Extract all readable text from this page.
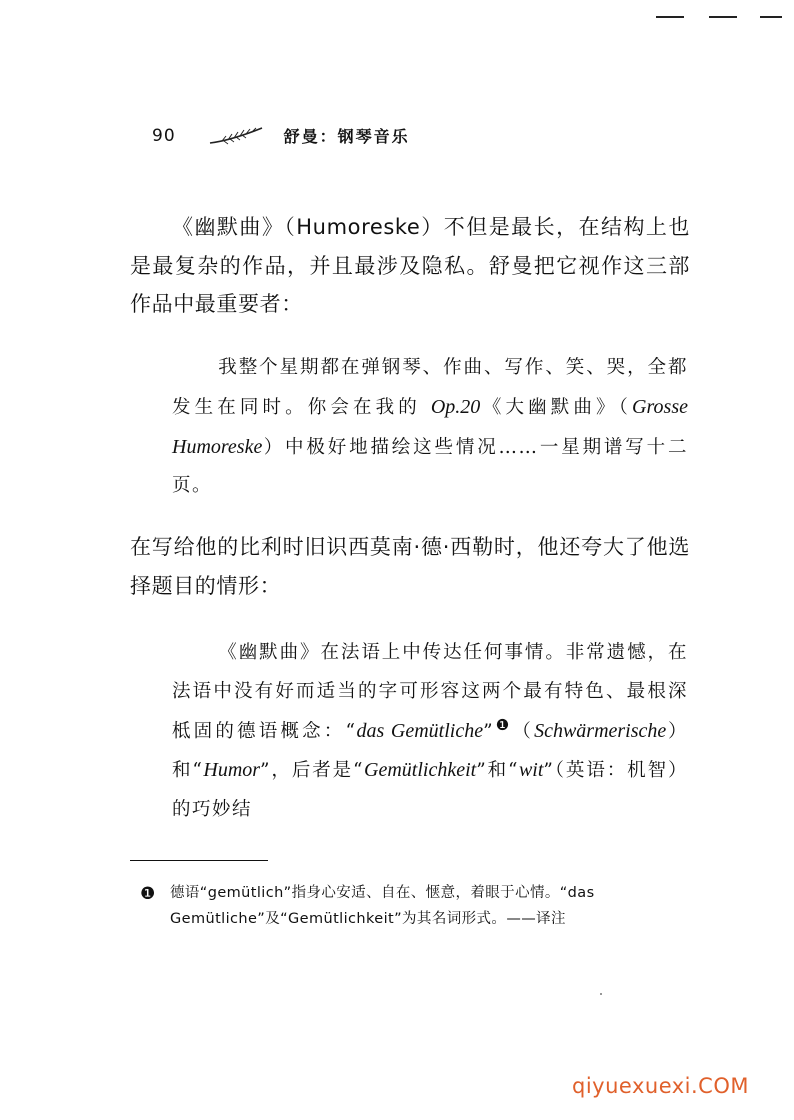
90	舒曼：钢琴音乐

《幽默曲》（Humoreske）不但是最长，在结构上也是最复杂的作品，并且最涉及隐私。舒曼把它视作这三部作品中最重要者：

我整个星期都在弹钢琴、作曲、写作、笑、哭，全都发生在同时。你会在我的 Op.20《大幽默曲》（Grosse Humoreske）中极好地描绘这些情况……一星期谱写十二页。

在写给他的比利时旧识西莫南·德·西勒时，他还夸大了他选择题目的情形：

《幽默曲》在法语上中传达任何事情。非常遗憾，在法语中没有好而适当的字可形容这两个最有特色、最根深柢固的德语概念：“das Gemütliche”$^❶$（Schwärmerische）和“Humor”，后者是“Gemütlichkeit”和“wit”（英语：机智）的巧妙结

❶ 德语“gemütlich”指身心安适、自在、惬意，着眼于心情。“das Gemütliche”及“Gemütlichkeit”为其名词形式。——译注

qiyuexuexi.COM
